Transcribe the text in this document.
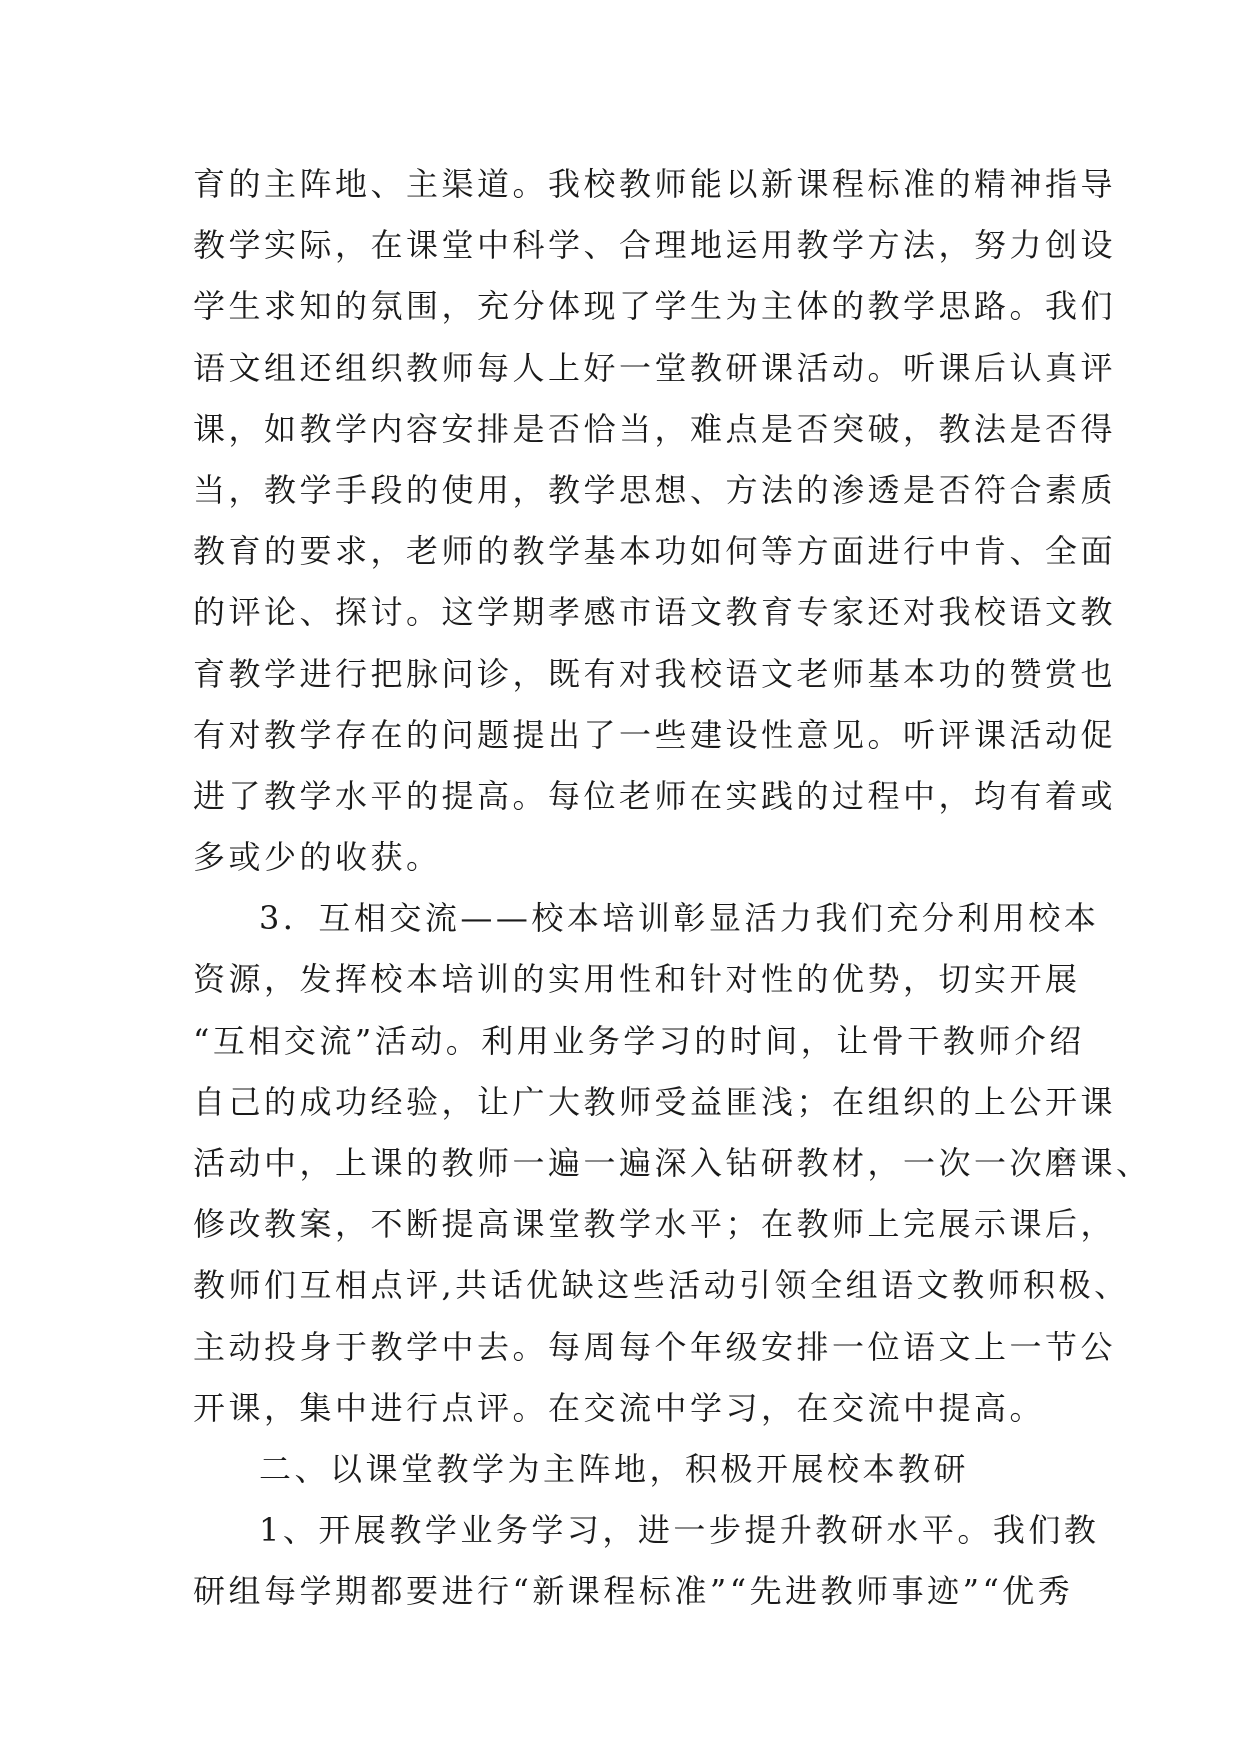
育的主阵地、主渠道。我校教师能以新课程标准的精神指导
教学实际，在课堂中科学、合理地运用教学方法，努力创设
学生求知的氛围，充分体现了学生为主体的教学思路。我们
语文组还组织教师每人上好一堂教研课活动。听课后认真评
课，如教学内容安排是否恰当，难点是否突破，教法是否得
当，教学手段的使用，教学思想、方法的渗透是否符合素质
教育的要求，老师的教学基本功如何等方面进行中肯、全面
的评论、探讨。这学期孝感市语文教育专家还对我校语文教
育教学进行把脉问诊，既有对我校语文老师基本功的赞赏也
有对教学存在的问题提出了一些建设性意见。听评课活动促
进了教学水平的提高。每位老师在实践的过程中，均有着或
多或少的收获。
3．互相交流——校本培训彰显活力我们充分利用校本
资源，发挥校本培训的实用性和针对性的优势，切实开展
“互相交流”活动。利用业务学习的时间，让骨干教师介绍
自己的成功经验，让广大教师受益匪浅；在组织的上公开课
活动中，上课的教师一遍一遍深入钻研教材，一次一次磨课、
修改教案，不断提高课堂教学水平；在教师上完展示课后，
教师们互相点评,共话优缺这些活动引领全组语文教师积极、
主动投身于教学中去。每周每个年级安排一位语文上一节公
开课，集中进行点评。在交流中学习，在交流中提高。
二、以课堂教学为主阵地，积极开展校本教研
1、开展教学业务学习，进一步提升教研水平。我们教
研组每学期都要进行“新课程标准”“先进教师事迹”“优秀
